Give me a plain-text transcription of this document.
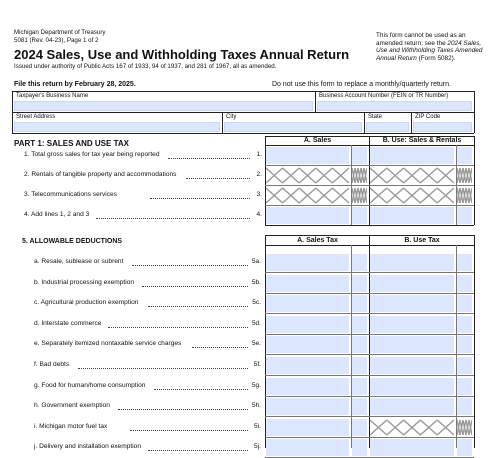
Michigan Department of Treasury
5081 (Rev. 04-23), Page 1 of 2
2024 Sales, Use and Withholding Taxes Annual Return
Issued under authority of Public Acts 167 of 1933, 94 of 1937, and 281 of 1967, all as amended.
This form cannot be used as an amended return; see the 2024 Sales, Use and Withholding Taxes Amended Annual Return (Form 5082).
File this return by February 28, 2025.	Do not use this form to replace a monthly/quarterly return.
Taxpayer's Business Name	Business Account Number (FEIN or TR Number)
Street Address	City	State	ZIP Code
PART 1: SALES AND USE TAX	A. Sales	B. Use: Sales & Rentals
1. Total gross sales for tax year being reported	1.
2. Rentals of tangible property and accommodations	2.
3. Telecommunications services	3.
4. Add lines 1, 2 and 3	4.
5. ALLOWABLE DEDUCTIONS	A. Sales Tax	B. Use Tax
a. Resale, sublease or subrent	5a.
b. Industrial processing exemption	5b.
c. Agricultural production exemption	5c.
d. Interstate commerce	5d.
e. Separately itemized nontaxable service charges	5e.
f. Bad debts	5f.
g. Food for human/home consumption	5g.
h. Government exemption	5h.
i. Michigan motor fuel tax	5i.
j. Delivery and installation exemption	5j.
